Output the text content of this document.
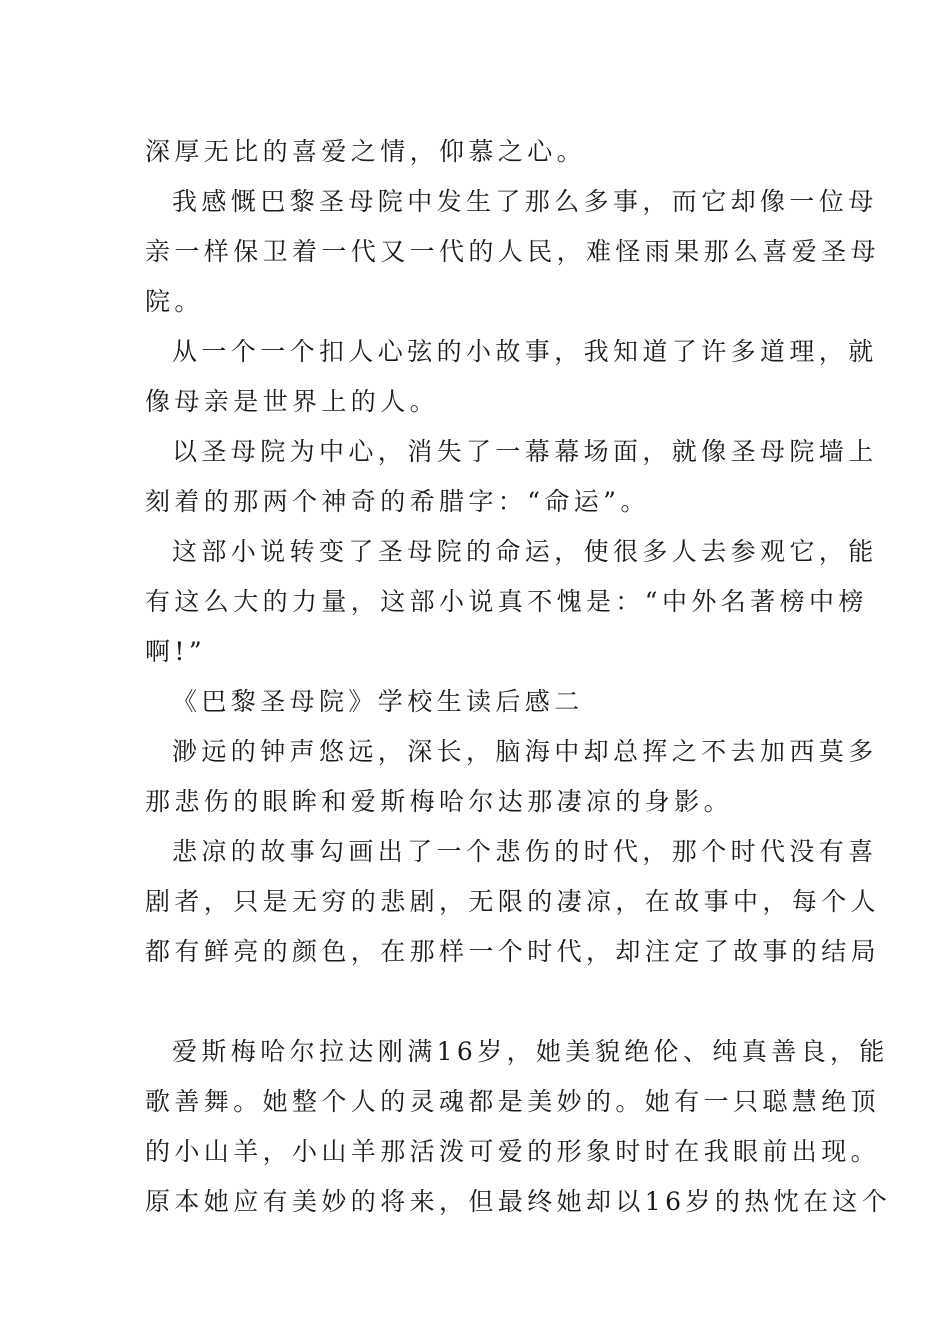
深厚无比的喜爱之情，仰慕之心。
我感慨巴黎圣母院中发生了那么多事，而它却像一位母
亲一样保卫着一代又一代的人民，难怪雨果那么喜爱圣母
院。
从一个一个扣人心弦的小故事，我知道了许多道理，就
像母亲是世界上的人。
以圣母院为中心，消失了一幕幕场面，就像圣母院墙上
刻着的那两个神奇的希腊字：“命运”。
这部小说转变了圣母院的命运，使很多人去参观它，能
有这么大的力量，这部小说真不愧是：“中外名著榜中榜
啊!”
《巴黎圣母院》学校生读后感二
渺远的钟声悠远，深长，脑海中却总挥之不去加西莫多
那悲伤的眼眸和爱斯梅哈尔达那凄凉的身影。
悲凉的故事勾画出了一个悲伤的时代，那个时代没有喜
剧者，只是无穷的悲剧，无限的凄凉，在故事中，每个人
都有鲜亮的颜色，在那样一个时代，却注定了故事的结局
爱斯梅哈尔拉达刚满16岁，她美貌绝伦、纯真善良，能
歌善舞。她整个人的灵魂都是美妙的。她有一只聪慧绝顶
的小山羊，小山羊那活泼可爱的形象时时在我眼前出现。
原本她应有美妙的将来，但最终她却以16岁的热忱在这个
